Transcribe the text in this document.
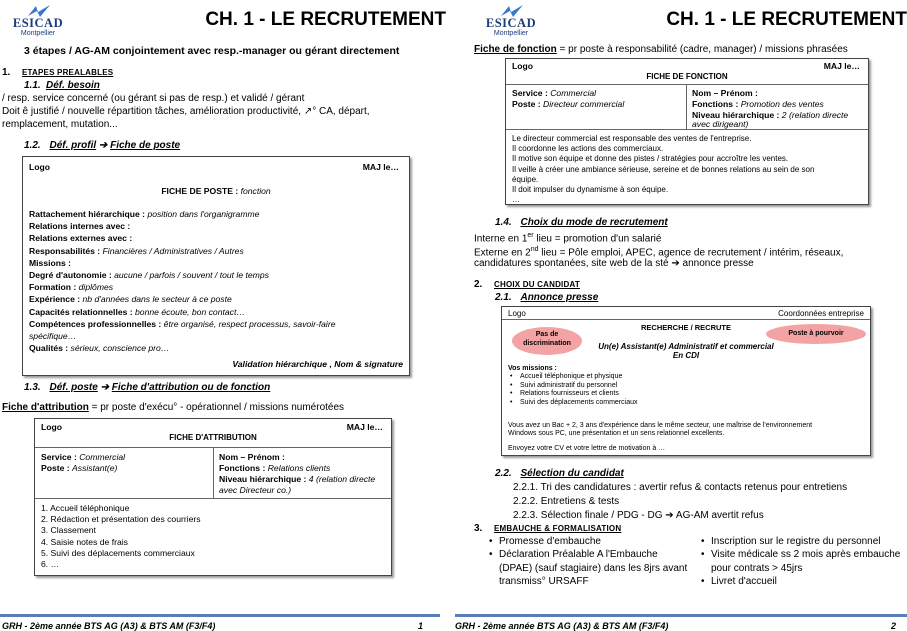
ESICAD
Montpellier
CH. 1 - LE RECRUTEMENT
3 étapes / AG-AM conjointement avec resp.-manager ou gérant directement
1. ETAPES PREALABLES
1.1. Déf. besoin
/ resp. service concerné (ou gérant si pas de resp.) et validé / gérant
Doit ê justifié / nouvelle répartition tâches, amélioration productivité, ↗° CA, départ,
remplacement, mutation...
1.2. Déf. profil ➔ Fiche de poste
Logo	MAJ le…
FICHE DE POSTE : fonction
Rattachement hiérarchique : position dans l'organigramme
Relations internes avec :
Relations externes avec :
Responsabilités : Financières / Administratives / Autres
Missions :
Degré d'autonomie : aucune / parfois / souvent / tout le temps
Formation : diplômes
Expérience : nb d'années dans le secteur à ce poste
Capacités relationnelles : bonne écoute, bon contact…
Compétences professionnelles : être organisé, respect processus, savoir-faire
spécifique…
Qualités : sérieux, conscience pro…
Validation hiérarchique , Nom & signature
1.3. Déf. poste ➔ Fiche d'attribution ou de fonction
Fiche d'attribution = pr poste d'exécu° - opérationnel / missions numérotées
Logo	MAJ le…
FICHE D'ATTRIBUTION
Service : Commercial
Poste : Assistant(e)
Nom – Prénom :
Fonctions : Relations clients
Niveau hiérarchique : 4 (relation directe
avec Directeur co.)
1. Accueil téléphonique
2. Rédaction et présentation des courriers
3. Classement
4. Saisie notes de frais
5. Suivi des déplacements commerciaux
6. …
GRH - 2ème année BTS AG (A3) & BTS AM (F3/F4)	1
ESICAD
Montpellier
CH. 1 - LE RECRUTEMENT
Fiche de fonction = pr poste à responsabilité (cadre, manager) / missions phrasées
Logo	MAJ le…
FICHE DE FONCTION
Service : Commercial
Poste : Directeur commercial
Nom – Prénom :
Fonctions : Promotion des ventes
Niveau hiérarchique : 2 (relation directe
avec dirigeant)
Le directeur commercial est responsable des ventes de l'entreprise.
Il coordonne les actions des commerciaux.
Il motive son équipe et donne des pistes / stratégies pour accroître les ventes.
Il veille à créer une ambiance sérieuse, sereine et de bonnes relations au sein de son
équipe.
Il doit impulser du dynamisme à son équipe.
…
1.4. Choix du mode de recrutement
Interne en 1er lieu = promotion d'un salarié
Externe en 2nd lieu = Pôle emploi, APEC, agence de recrutement / intérim, réseaux,
candidatures spontanées, site web de la sté ➔ annonce presse
2. CHOIX DU CANDIDAT
2.1. Annonce presse
Logo	Coordonnées entreprise
RECHERCHE / RECRUTE
Pas de discrimination
Poste à pourvoir
Un(e) Assistant(e) Administratif et commercial
En CDI
Vos missions :
• Accueil téléphonique et physique
• Suivi administratif du personnel
• Relations fournisseurs et clients
• Suivi des déplacements commerciaux
Vous avez un Bac + 2, 3 ans d'expérience dans le même secteur, une maîtrise de l'environnement
Windows sous PC, une présentation et un sens relationnel excellents.
Envoyez votre CV et votre lettre de motivation à …
2.2. Sélection du candidat
2.2.1. Tri des candidatures : avertir refus & contacts retenus pour entretiens
2.2.2. Entretiens & tests
2.2.3. Sélection finale / PDG - DG ➔ AG-AM avertit refus
3. EMBAUCHE & FORMALISATION
• Promesse d'embauche
• Déclaration Préalable A l'Embauche
(DPAE) (sauf stagiaire) dans les 8jrs avant
transmiss° URSAFF
• Inscription sur le registre du personnel
• Visite médicale ss 2 mois après embauche
pour contrats > 45jrs
• Livret d'accueil
GRH - 2ème année BTS AG (A3) & BTS AM (F3/F4)	2
